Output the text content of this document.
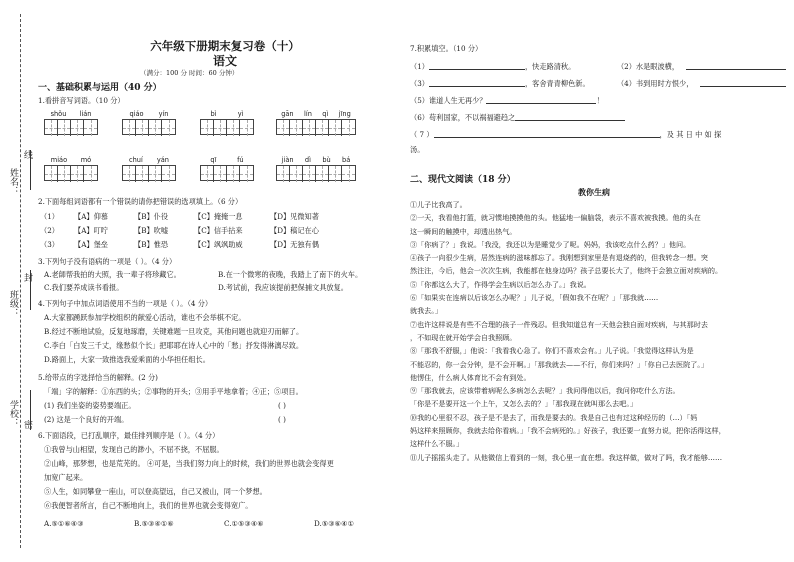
线
姓名：
封
班级：
学校： 密
六年级下册期末复习卷（十）
语文
（满分：100 分 时间：60 分钟）
一、基础积累与运用（40 分）
1.看拼音写词语。（10 分）
shǒu lián	qiáo yín	bì	yì	gān lín qì jīng
miáo mó	chuí yán	qī	fú	jiàn dì bù bá
2.下面每组词语都有一个错误的请你把错误的选项填上。（6 分）
（1） 【A】仰慕	【B】仆役	【C】掩掩一息	【D】见微知著
（2） 【A】叮咛	【B】吹嘘	【C】信手拈来	【D】稿记在心
（3） 【A】堡垒	【B】惟恐	【C】飒飒助威	【D】无独有偶
3.下列句子没有语病的一项是（ ）。（4 分）
A.老師帮我拍的大照，我一辈子将珍藏它。	B.在一个微寒的夜晚，我踏上了南下的火车。
C.我们要养成读书看报。	D.考试前，我应该提前把保捕文具放复。
4.下列句子中加点词语使用不当的一项是（ ）。（4 分）
A.大家都踴跃参加学校组织的献爱心活动，谁也不会举棋不定。
B.经过不断地试验，反复地琢磨，关键难题一旦攻克，其他问题也就迎刃而解了。
C.李白「白发三千丈，缘愁似个长」把耶耶在诗人心中的「愁」抒发得淋漓尽致。
D.路面上，大家一致推选我爱乘面的小华担任组长。
5.给带点的字选择恰当的解释。(2 分)
「端」字的解释：①东西的头；②事物的开头；③用手平地拿着；④正；⑤项目。
(1) 我们坐姿的姿势要端正。	( )
(2) 这是一个良好的开端。	( )
6.下面语段，已打乱顺序，最佳排列顺序是（ ）。（4 分）
①我曾与山相望，发现自己的渺小，不屈不挠，不屈服。
②山峰，那梦想，也是荒芜的。 ④可是，当我们努力向上的时候，我们的世界也就会变得更
加宽广起来。
⑤人生，如同攀登一座山，可以登高望远，自己又被山，同一个梦想。
⑥我便智者所言，自己不断地向上，我们的世界也就会变得宽广。
A.⑤①⑥④③	B.⑤③④①⑥	C.①⑤③④⑥	D.⑤③⑥④①
7.积累填空。（10 分）
（1）	，快走路清秋。	（2） 水是眼波横，
（3）	，客舍青青柳色新。	（4） 书到用时方恨少，
（5）谁道人生无再少？	！
（6）苟利国家，不以祸福避趋之
（ 7 ）	，及 其 日 中 如 探
汤。
二、现代文阅读（18 分）
教你生病

①儿子比我高了。

②一天，我看他打篮，就习惯地摸摸他的头。他猛地一偏脑袋，表示不喜欢被我摸。他的头在

这一瞬间的触摸中，却透出热气。

③「你病了？」我说。「我没，我还以为是睡觉少了呢。妈妈，我该吃点什么药？」他问。

④孩子一向很少生病，居然连病的滋味都忘了。我刚想到家里是有退烧药的，但我转念一想。突

然注注，今后，他会一次次生病，我能都在他身边吗？孩子总要长大了，他终于会独立面对疾病的。

⑤「你都这么大了，作得学会生病以后怎么办了。」我说。

⑥「如果实在连病以后该怎么办呢？」儿子说，「假如我不在呢？」「那我就……

就我去。」

⑦也许这样说是有些不合理的孩子一件残忍。但我知道总有一天他会独自面对疾病，与其那时去

，不如现在就开始学会自我照顾。

⑧「那我不舒服，」他说：「我看我心急了。你们不喜欢会有。」儿子说。「我觉得这样认为是

不能忍的，你一会分钟，是不会开啊。」「那我就去——不行，你们来吗？」「你自己去医院了。」

他愣住，什么病人体育比不会有到处。

⑨「那我就去，应该带着病呢么多病怎么去呢？」我问得他以后，我问你吃什么方法。

「你是不是要开这一个上午，又怎么去的？」「那我现在就叫那么去吧。」

⑩我的心里很不忍，孩子是不是去了，而我是要去的。我是自己也有过这种经历的（…）「妈

妈这样来照顾你，我就去给你看病。」「我不会病死的。」好孩子，我还要一直努力说，把你活得这样，

这样什么不服。」

⑪儿子摇摇头走了。从他微信上看到的一刻，我心里一直在想。我这样做，做对了吗，我才能够……
